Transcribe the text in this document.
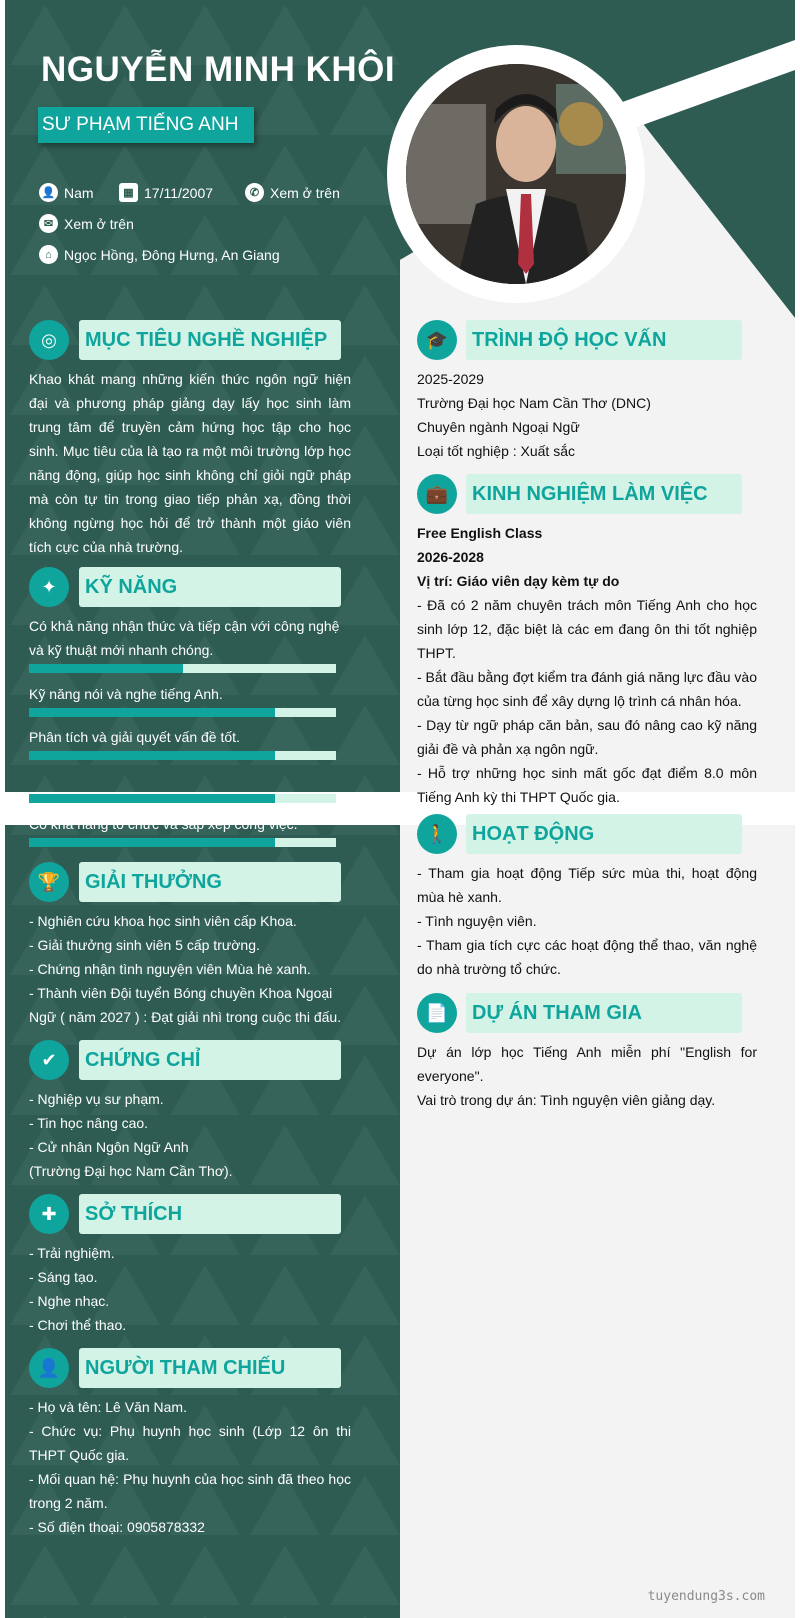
NGUYỄN MINH KHÔI
SƯ PHẠM TIẾNG ANH
👤 Nam	▦ 17/11/2007	✆ Xem ở trên
✉ Xem ở trên
⌂ Ngọc Hồng, Đông Hưng, An Giang
◎	MỤC TIÊU NGHỀ NGHIỆP
Khao khát mang những kiến thức ngôn ngữ hiện đại và phương pháp giảng dạy lấy học sinh làm trung tâm để truyền cảm hứng học tập cho học sinh. Mục tiêu của là tạo ra một môi trường lớp học năng động, giúp học sinh không chỉ giỏi ngữ pháp mà còn tự tin trong giao tiếp phản xạ, đồng thời không ngừng học hỏi để trở thành một giáo viên tích cực của nhà trường.
✦	KỸ NĂNG
Có khả năng nhận thức và tiếp cận với công nghệ và kỹ thuật mới nhanh chóng.
Kỹ năng nói và nghe tiếng Anh.
Phân tích và giải quyết vấn đề tốt.
Có khả năng tổ chức và sắp xếp công việc.
🏆	GIẢI THƯỞNG
- Nghiên cứu khoa học sinh viên cấp Khoa.
- Giải thưởng sinh viên 5 cấp trường.
- Chứng nhận tình nguyện viên Mùa hè xanh.
- Thành viên Đội tuyển Bóng chuyền Khoa Ngoại Ngữ ( năm 2027 ) : Đạt giải nhì trong cuộc thi đấu.
✔	CHỨNG CHỈ
- Nghiệp vụ sư phạm.
- Tin học nâng cao.
- Cử nhân Ngôn Ngữ Anh
(Trường Đại học Nam Cần Thơ).
✚	SỞ THÍCH
- Trải nghiệm.
- Sáng tạo.
- Nghe nhạc.
- Chơi thể thao.
👤	NGƯỜI THAM CHIẾU
- Họ và tên: Lê Văn Nam.
- Chức vụ: Phụ huynh học sinh (Lớp 12 ôn thi THPT Quốc gia.
- Mối quan hệ: Phụ huynh của học sinh đã theo học trong 2 năm.
- Số điện thoại: 0905878332
🎓	TRÌNH ĐỘ HỌC VẤN
2025-2029
Trường Đại học Nam Cần Thơ (DNC)
Chuyên ngành Ngoại Ngữ
Loại tốt nghiệp : Xuất sắc
💼	KINH NGHIỆM LÀM VIỆC
Free English Class
2026-2028
Vị trí: Giáo viên dạy kèm tự do
- Đã có 2 năm chuyên trách môn Tiếng Anh cho học sinh lớp 12, đặc biệt là các em đang ôn thi tốt nghiệp THPT.
- Bắt đầu bằng đợt kiểm tra đánh giá năng lực đầu vào của từng học sinh để xây dựng lộ trình cá nhân hóa.
- Dạy từ ngữ pháp căn bản, sau đó nâng cao kỹ năng giải đề và phản xạ ngôn ngữ.
- Hỗ trợ những học sinh mất gốc đạt điểm 8.0 môn Tiếng Anh kỳ thi THPT Quốc gia.
🚶	HOẠT ĐỘNG
- Tham gia hoạt động Tiếp sức mùa thi, hoạt động mùa hè xanh.
- Tình nguyện viên.
- Tham gia tích cực các hoạt động thể thao, văn nghệ do nhà trường tổ chức.
📄	DỰ ÁN THAM GIA
Dự án lớp học Tiếng Anh miễn phí "English for everyone".
Vai trò trong dự án: Tình nguyện viên giảng dạy.
tuyendung3s.com
